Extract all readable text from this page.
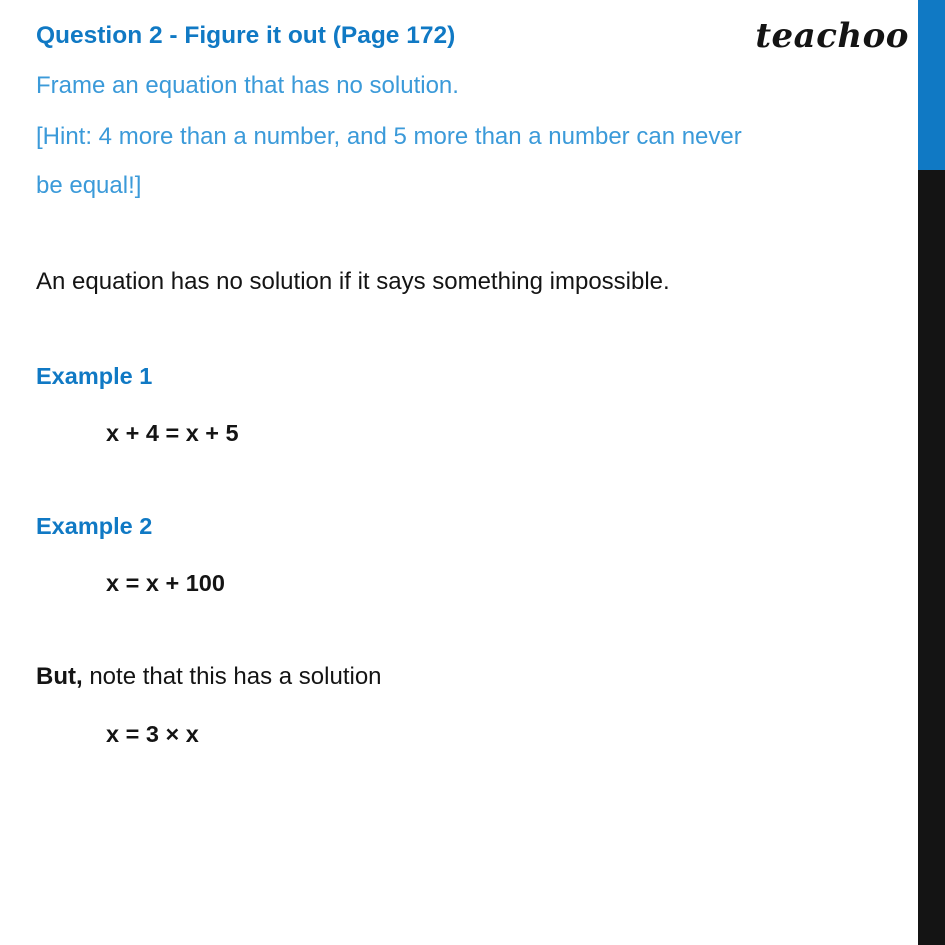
teachoo
Question 2 - Figure it out (Page 172)
Frame an equation that has no solution.
[Hint: 4 more than a number, and 5 more than a number can never
be equal!]
An equation has no solution if it says something impossible.
Example 1
x + 4 = x + 5
Example 2
x = x + 100
But, note that this has a solution
x = 3 × x
